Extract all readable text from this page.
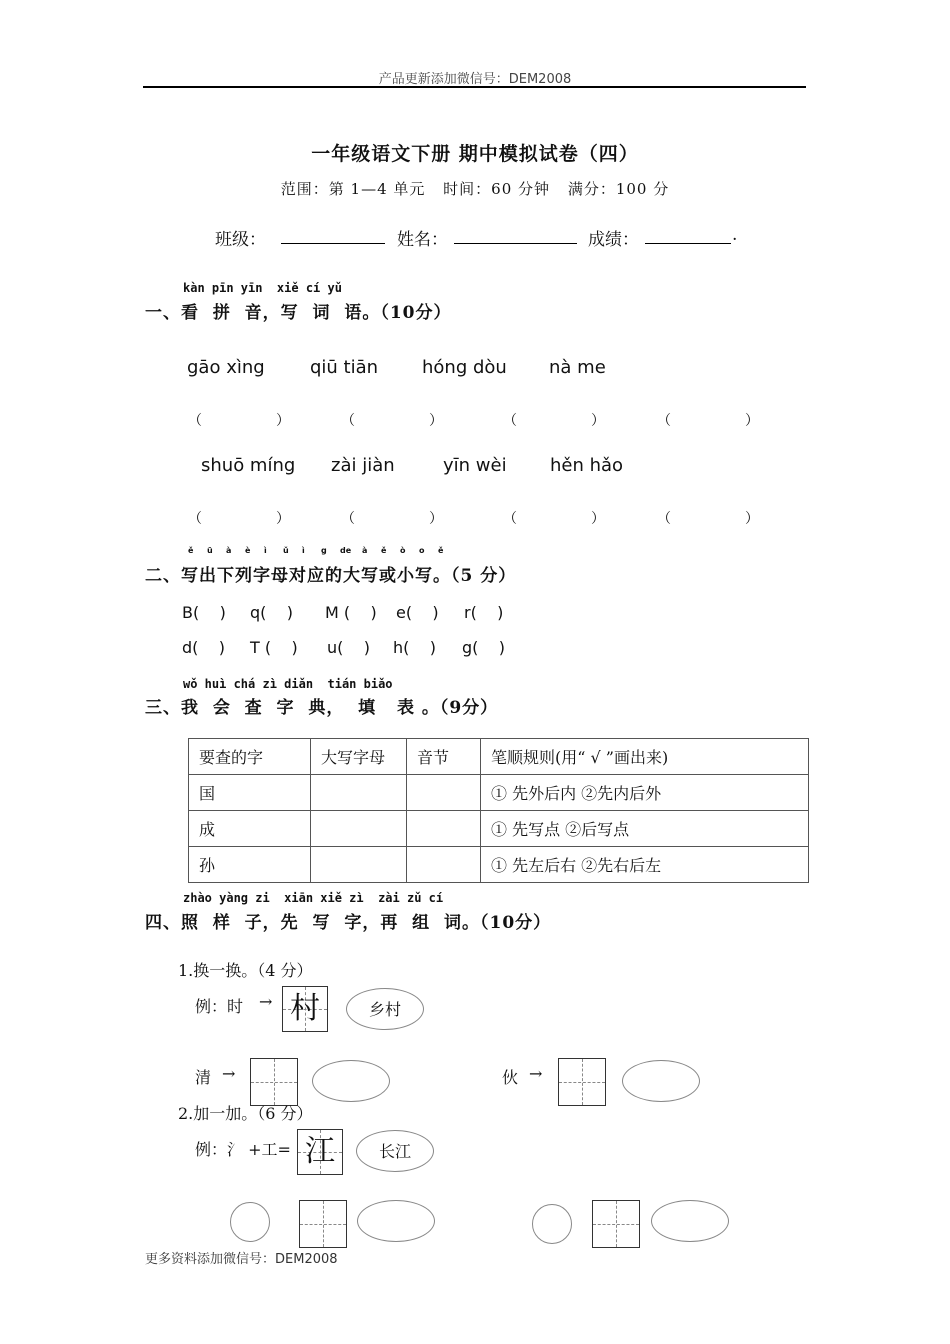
产品更新添加微信号：DEM2008
一年级语文下册 期中模拟试卷（四）
范围：第 1—4 单元 时间：60 分钟 满分：100 分
班级：	姓名：	成绩：	.
kàn pīn yīn  xiě cí yǔ
一、看  拼  音，写  词  语。（10分）
gāo xìng	qiū tiān hóng dòu nà me
（	）	（	）	（	）	（	）
shuō míng zài jiàn	yīn wèi hěn hǎo
（	）	（	）	（	）	（	）
ě ū à è ì ǔ ì g de à ě ò o ě
二、写出下列字母对应的大写或小写。（5 分）
B(    ) q(    ) M (    ) e(    ) r(    )
d(    ) T (    ) u(    ) h(    ) g(    )
wǒ huì chá zì diǎn  tián biǎo
三、我  会  查  字  典，  填   表 。（9分）
要查的字	大写字母	音节	笔顺规则(用“ √ ”画出来)
国			① 先外后内 ②先内后外
成			① 先写点 ②后写点
孙			① 先左后右 ②先右后左
zhào yàng zi  xiān xiě zì  zài zǔ cí
四、照  样  子，先  写  字，再  组  词。（10分）
1.换一换。（4 分）
例：时 → 村	乡村
清 →	伙 →
2.加一加。（6 分）
例：氵 +工= 江	长江
更多资料添加微信号：DEM2008
